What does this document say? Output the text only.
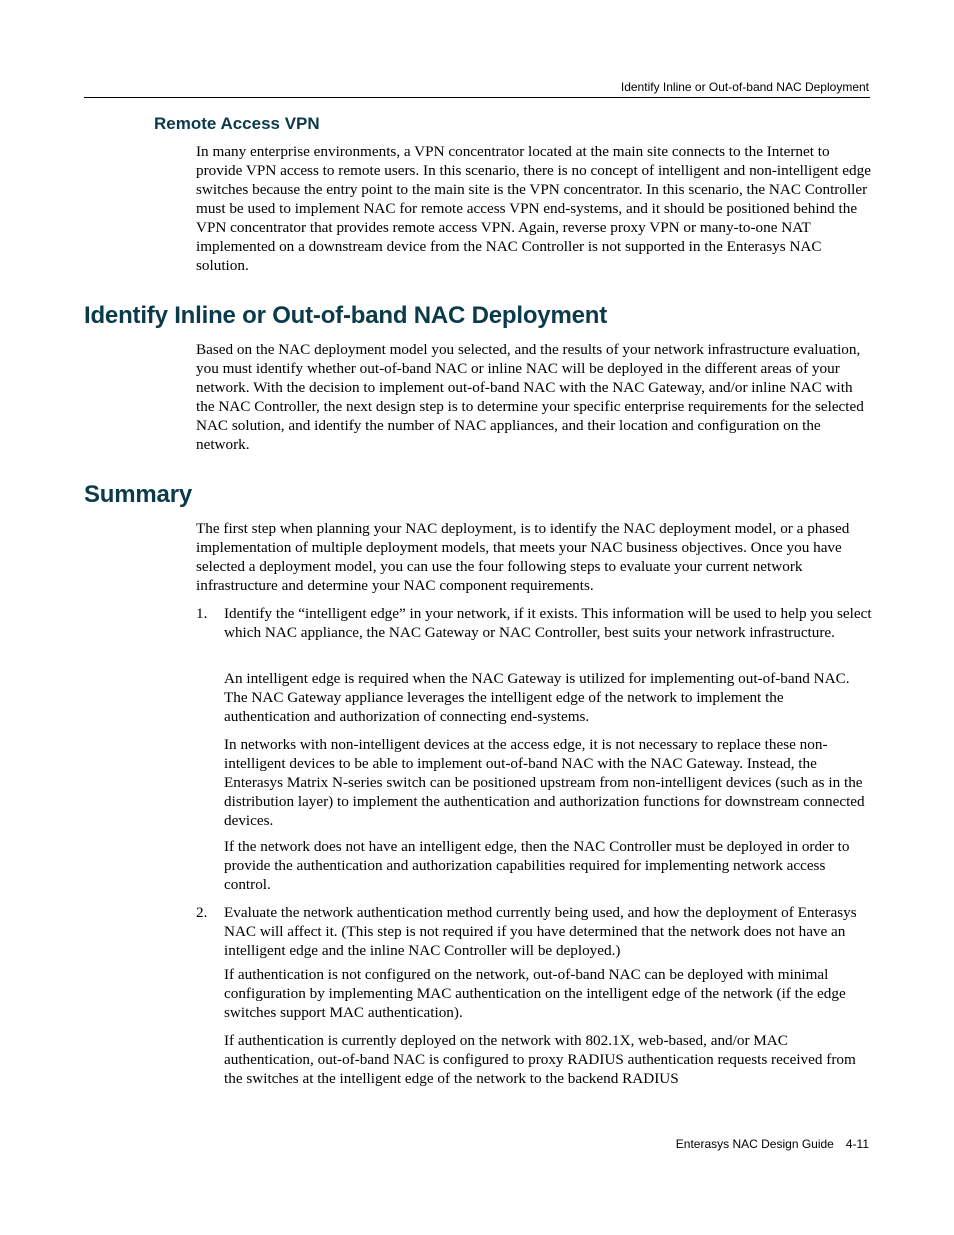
Identify Inline or Out-of-band NAC Deployment
Remote Access VPN

In many enterprise environments, a VPN concentrator located at the main site connects to the Internet to provide VPN access to remote users. In this scenario, there is no concept of intelligent and non-intelligent edge switches because the entry point to the main site is the VPN concentrator. In this scenario, the NAC Controller must be used to implement NAC for remote access VPN end-systems, and it should be positioned behind the VPN concentrator that provides remote access VPN. Again, reverse proxy VPN or many-to-one NAT implemented on a downstream device from the NAC Controller is not supported in the Enterasys NAC solution.

Identify Inline or Out-of-band NAC Deployment

Based on the NAC deployment model you selected, and the results of your network infrastructure evaluation, you must identify whether out-of-band NAC or inline NAC will be deployed in the different areas of your network. With the decision to implement out-of-band NAC with the NAC Gateway, and/or inline NAC with the NAC Controller, the next design step is to determine your specific enterprise requirements for the selected NAC solution, and identify the number of NAC appliances, and their location and configuration on the network.

Summary

The first step when planning your NAC deployment, is to identify the NAC deployment model, or a phased implementation of multiple deployment models, that meets your NAC business objectives. Once you have selected a deployment model, you can use the four following steps to evaluate your current network infrastructure and determine your NAC component requirements.

1. Identify the “intelligent edge” in your network, if it exists. This information will be used to help you select which NAC appliance, the NAC Gateway or NAC Controller, best suits your network infrastructure.

An intelligent edge is required when the NAC Gateway is utilized for implementing out-of-band NAC. The NAC Gateway appliance leverages the intelligent edge of the network to implement the authentication and authorization of connecting end-systems.

In networks with non-intelligent devices at the access edge, it is not necessary to replace these non-intelligent devices to be able to implement out-of-band NAC with the NAC Gateway. Instead, the Enterasys Matrix N-series switch can be positioned upstream from non-intelligent devices (such as in the distribution layer) to implement the authentication and authorization functions for downstream connected devices.

If the network does not have an intelligent edge, then the NAC Controller must be deployed in order to provide the authentication and authorization capabilities required for implementing network access control.

2. Evaluate the network authentication method currently being used, and how the deployment of Enterasys NAC will affect it. (This step is not required if you have determined that the network does not have an intelligent edge and the inline NAC Controller will be deployed.)

If authentication is not configured on the network, out-of-band NAC can be deployed with minimal configuration by implementing MAC authentication on the intelligent edge of the network (if the edge switches support MAC authentication).

If authentication is currently deployed on the network with 802.1X, web-based, and/or MAC authentication, out-of-band NAC is configured to proxy RADIUS authentication requests received from the switches at the intelligent edge of the network to the backend RADIUS

Enterasys NAC Design Guide 4-11
